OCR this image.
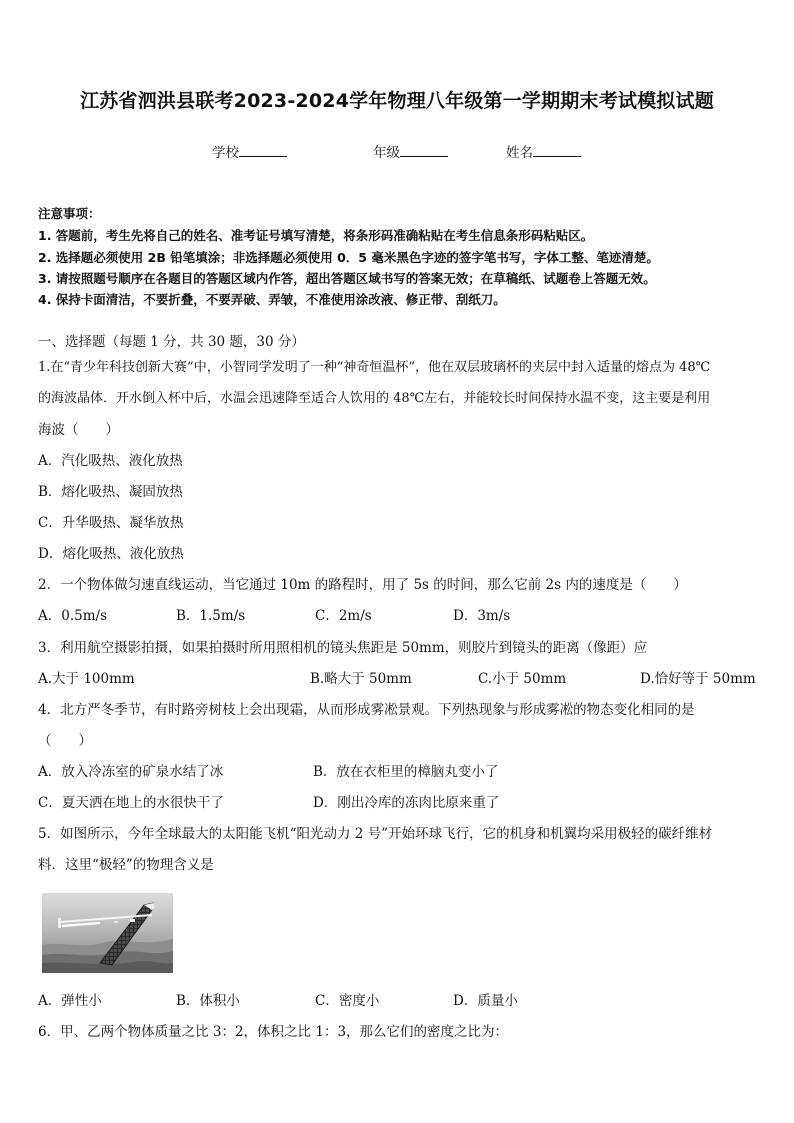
江苏省泗洪县联考2023-2024学年物理八年级第一学期期末考试模拟试题
学校	年级	姓名
注意事项：
1. 答题前，考生先将自己的姓名、准考证号填写清楚，将条形码准确粘贴在考生信息条形码粘贴区。
2. 选择题必须使用 2B 铅笔填涂；非选择题必须使用 0．5 毫米黑色字迹的签字笔书写，字体工整、笔迹清楚。
3. 请按照题号顺序在各题目的答题区域内作答，超出答题区域书写的答案无效；在草稿纸、试题卷上答题无效。
4. 保持卡面清洁，不要折叠，不要弄破、弄皱，不准使用涂改液、修正带、刮纸刀。
一、选择题（每题 1 分，共 30 题，30 分）
1.在“青少年科技创新大赛”中，小智同学发明了一种“神奇恒温杯”，他在双层玻璃杯的夹层中封入适量的熔点为 48℃
的海波晶体．开水倒入杯中后，水温会迅速降至适合人饮用的 48℃左右，并能较长时间保持水温不变，这主要是利用
海波（　　）
A．汽化吸热、液化放热
B．熔化吸热、凝固放热
C．升华吸热、凝华放热
D．熔化吸热、液化放热
2．一个物体做匀速直线运动，当它通过 10m 的路程时，用了 5s 的时间，那么它前 2s 内的速度是（　　）
A．0.5m/s	B．1.5m/s	C．2m/s	D．3m/s
3．利用航空摄影拍摄，如果拍摄时所用照相机的镜头焦距是 50mm，则胶片到镜头的距离（像距）应
A.大于 100mm	B.略大于 50mm	C.小于 50mm	D.恰好等于 50mm
4．北方严冬季节，有时路旁树枝上会出现霜，从而形成雾凇景观。下列热现象与形成雾凇的物态变化相同的是
（　　）
A．放入冷冻室的矿泉水结了冰	B．放在衣柜里的樟脑丸变小了
C．夏天洒在地上的水很快干了	D．刚出冷库的冻肉比原来重了
5．如图所示，今年全球最大的太阳能飞机“阳光动力 2 号”开始环球飞行，它的机身和机翼均采用极轻的碳纤维材
料．这里“极轻”的物理含义是
A．弹性小	B．体积小	C．密度小	D．质量小
6．甲、乙两个物体质量之比 3：2，体积之比 1：3，那么它们的密度之比为：
